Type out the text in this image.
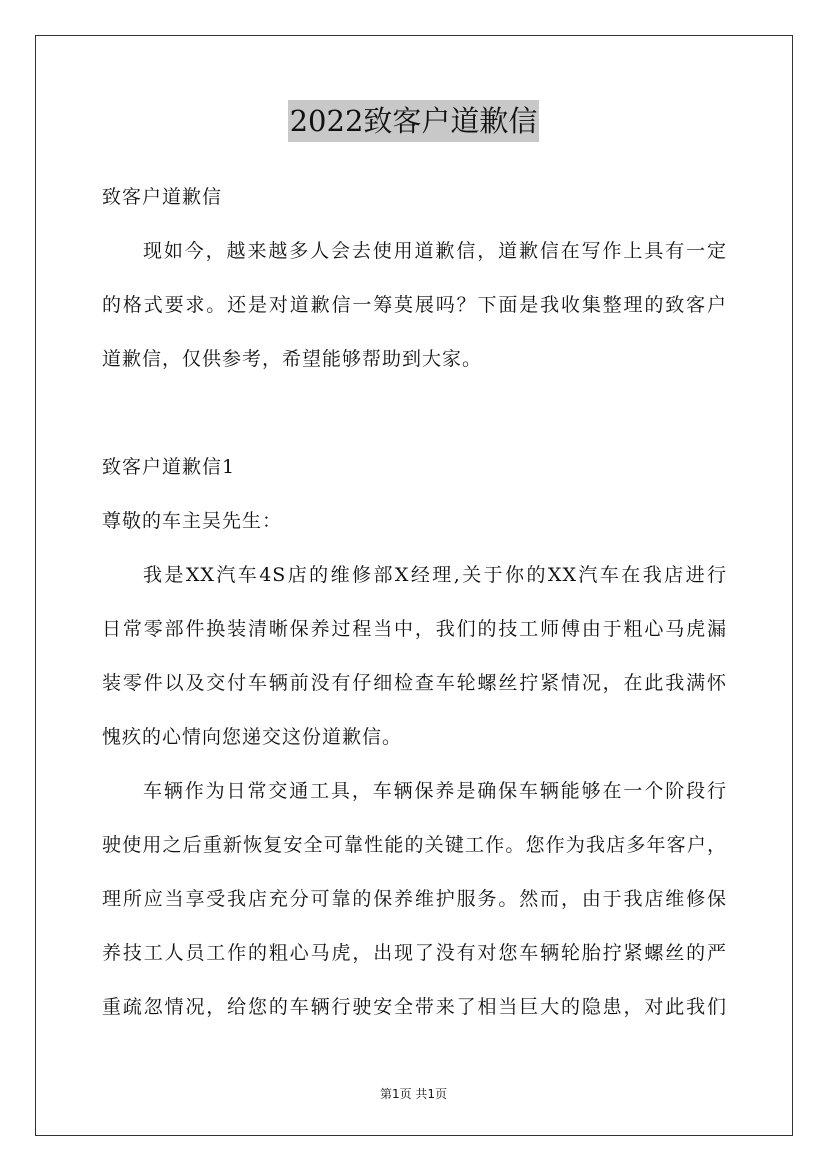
2022致客户道歉信
致客户道歉信
现如今，越来越多人会去使用道歉信，道歉信在写作上具有一定
的格式要求。还是对道歉信一筹莫展吗？下面是我收集整理的致客户
道歉信，仅供参考，希望能够帮助到大家。
致客户道歉信1
尊敬的车主吴先生：
我是XX汽车4S店的维修部X经理,关于你的XX汽车在我店进行
日常零部件换装清晰保养过程当中，我们的技工师傅由于粗心马虎漏
装零件以及交付车辆前没有仔细检查车轮螺丝拧紧情况，在此我满怀
愧疚的心情向您递交这份道歉信。
车辆作为日常交通工具，车辆保养是确保车辆能够在一个阶段行
驶使用之后重新恢复安全可靠性能的关键工作。您作为我店多年客户，
理所应当享受我店充分可靠的保养维护服务。然而，由于我店维修保
养技工人员工作的粗心马虎，出现了没有对您车辆轮胎拧紧螺丝的严
重疏忽情况，给您的车辆行驶安全带来了相当巨大的隐患，对此我们
第1页 共1页
